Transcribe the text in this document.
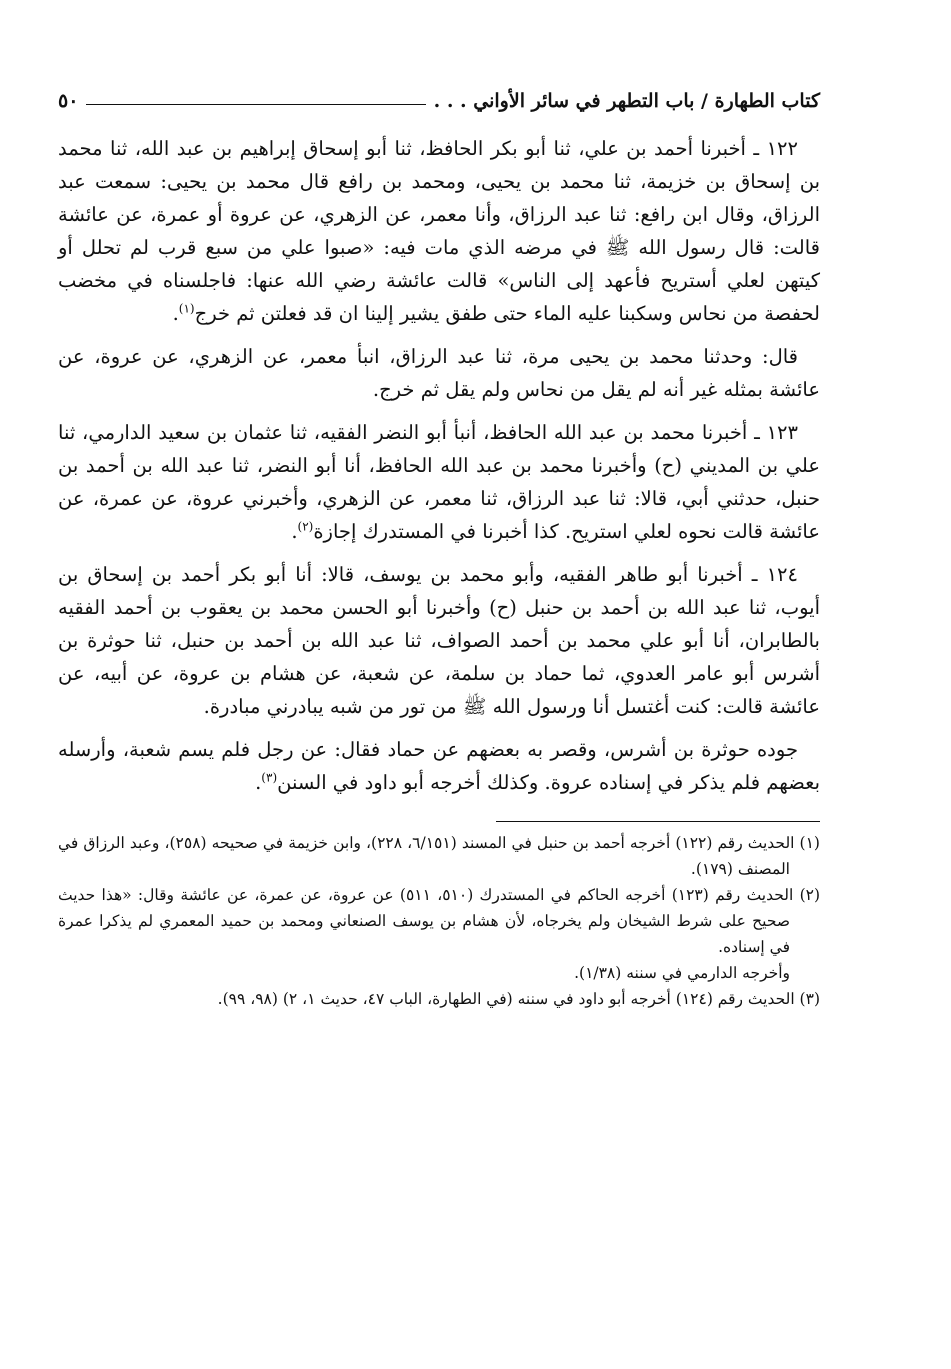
كتاب الطهارة / باب التطهر في سائر الأواني . . .
٥٠

١٢٢ ـ أخبرنا أحمد بن علي، ثنا أبو بكر الحافظ، ثنا أبو إسحاق إبراهيم بن عبد الله، ثنا محمد بن إسحاق بن خزيمة، ثنا محمد بن يحيى، ومحمد بن رافع قال محمد بن يحيى: سمعت عبد الرزاق، وقال ابن رافع: ثنا عبد الرزاق، وأنا معمر، عن الزهري، عن عروة أو عمرة، عن عائشة قالت: قال رسول الله ﷺ في مرضه الذي مات فيه: «صبوا علي من سبع قرب لم تحلل أو كيتهن لعلي أستريح فأعهد إلى الناس» قالت عائشة رضي الله عنها: فاجلسناه في مخضب لحفصة من نحاس وسكبنا عليه الماء حتى طفق يشير إلينا ان قد فعلتن ثم خرج$^{(١)}$.

قال: وحدثنا محمد بن يحيى مرة، ثنا عبد الرزاق، انبأ معمر، عن الزهري، عن عروة، عن عائشة بمثله غير أنه لم يقل من نحاس ولم يقل ثم خرج.

١٢٣ ـ أخبرنا محمد بن عبد الله الحافظ، أنبأ أبو النضر الفقيه، ثنا عثمان بن سعيد الدارمي، ثنا علي بن المديني (ح) وأخبرنا محمد بن عبد الله الحافظ، أنا أبو النضر، ثنا عبد الله بن أحمد بن حنبل، حدثني أبي، قالا: ثنا عبد الرزاق، ثنا معمر، عن الزهري، وأخبرني عروة، عن عمرة، عن عائشة قالت نحوه لعلي استريح. كذا أخبرنا في المستدرك إجازة$^{(٢)}$.

١٢٤ ـ أخبرنا أبو طاهر الفقيه، وأبو محمد بن يوسف، قالا: أنا أبو بكر أحمد بن إسحاق بن أيوب، ثنا عبد الله بن أحمد بن حنبل (ح) وأخبرنا أبو الحسن محمد بن يعقوب بن أحمد الفقيه بالطابران، أنا أبو علي محمد بن أحمد الصواف، ثنا عبد الله بن أحمد بن حنبل، ثنا حوثرة بن أشرس أبو عامر العدوي، ثما حماد بن سلمة، عن شعبة، عن هشام بن عروة، عن أبيه، عن عائشة قالت: كنت أغتسل أنا ورسول الله ﷺ من تور من شبه يبادرني مبادرة.

جوده حوثرة بن أشرس، وقصر به بعضهم عن حماد فقال: عن رجل فلم يسم شعبة، وأرسله بعضهم فلم يذكر في إسناده عروة. وكذلك أخرجه أبو داود في السنن$^{(٣)}$.

(١) الحديث رقم (١٢٢) أخرجه أحمد بن حنبل في المسند (٦/١٥١، ٢٢٨)، وابن خزيمة في صحيحه (٢٥٨)، وعبد الرزاق في المصنف (١٧٩).

(٢) الحديث رقم (١٢٣) أخرجه الحاكم في المستدرك (٥١٠، ٥١١) عن عروة، عن عمرة، عن عائشة وقال: «هذا حديث صحيح على شرط الشيخان ولم يخرجاه، لأن هشام بن يوسف الصنعاني ومحمد بن حميد المعمري لم يذكرا عمرة في إسناده.

وأخرجه الدارمي في سننه (١/٣٨).

(٣) الحديث رقم (١٢٤) أخرجه أبو داود في سننه (في الطهارة، الباب ٤٧، حديث ١، ٢) (٩٨، ٩٩).
